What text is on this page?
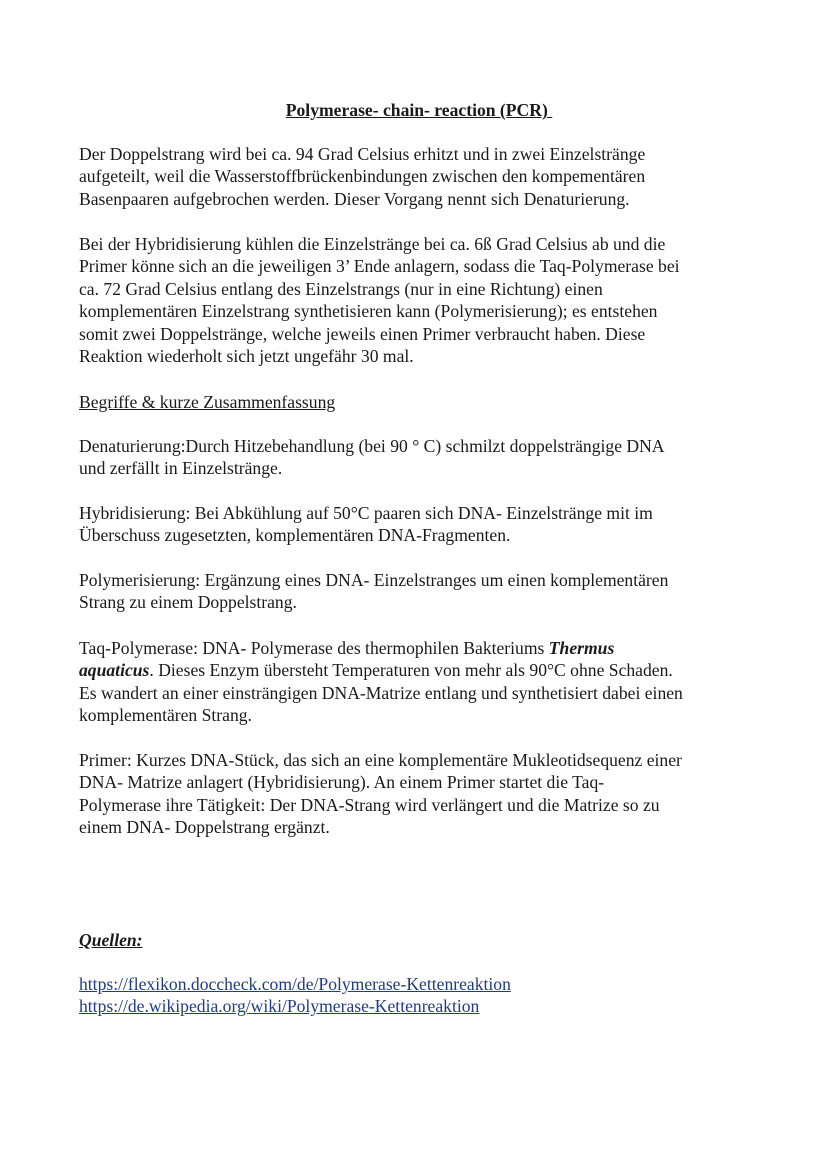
Polymerase- chain- reaction (PCR)
Der Doppelstrang wird bei ca. 94 Grad Celsius erhitzt und in zwei Einzelstränge
aufgeteilt, weil die Wasserstoffbrückenbindungen zwischen den kompementären
Basenpaaren aufgebrochen werden. Dieser Vorgang nennt sich Denaturierung.
Bei der Hybridisierung kühlen die Einzelstränge bei ca. 6ß Grad Celsius ab und die
Primer könne sich an die jeweiligen 3’ Ende anlagern, sodass die Taq-Polymerase bei
ca. 72 Grad Celsius entlang des Einzelstrangs (nur in eine Richtung) einen
komplementären Einzelstrang synthetisieren kann (Polymerisierung); es entstehen
somit zwei Doppelstränge, welche jeweils einen Primer verbraucht haben. Diese
Reaktion wiederholt sich jetzt ungefähr 30 mal.
Begriffe & kurze Zusammenfassung
Denaturierung:Durch Hitzebehandlung (bei 90 ° C) schmilzt doppelsträngige DNA
und zerfällt in Einzelstränge.
Hybridisierung: Bei Abkühlung auf 50°C paaren sich DNA- Einzelstränge mit im
Überschuss zugesetzten, komplementären DNA-Fragmenten.
Polymerisierung: Ergänzung eines DNA- Einzelstranges um einen komplementären
Strang zu einem Doppelstrang.
Taq-Polymerase: DNA- Polymerase des thermophilen Bakteriums Thermus
aquaticus. Dieses Enzym übersteht Temperaturen von mehr als 90°C ohne Schaden.
Es wandert an einer einsträngigen DNA-Matrize entlang und synthetisiert dabei einen
komplementären Strang.
Primer: Kurzes DNA-Stück, das sich an eine komplementäre Mukleotidsequenz einer
DNA- Matrize anlagert (Hybridisierung). An einem Primer startet die Taq-
Polymerase ihre Tätigkeit: Der DNA-Strang wird verlängert und die Matrize so zu
einem DNA- Doppelstrang ergänzt.
Quellen:
https://flexikon.doccheck.com/de/Polymerase-Kettenreaktion
https://de.wikipedia.org/wiki/Polymerase-Kettenreaktion
